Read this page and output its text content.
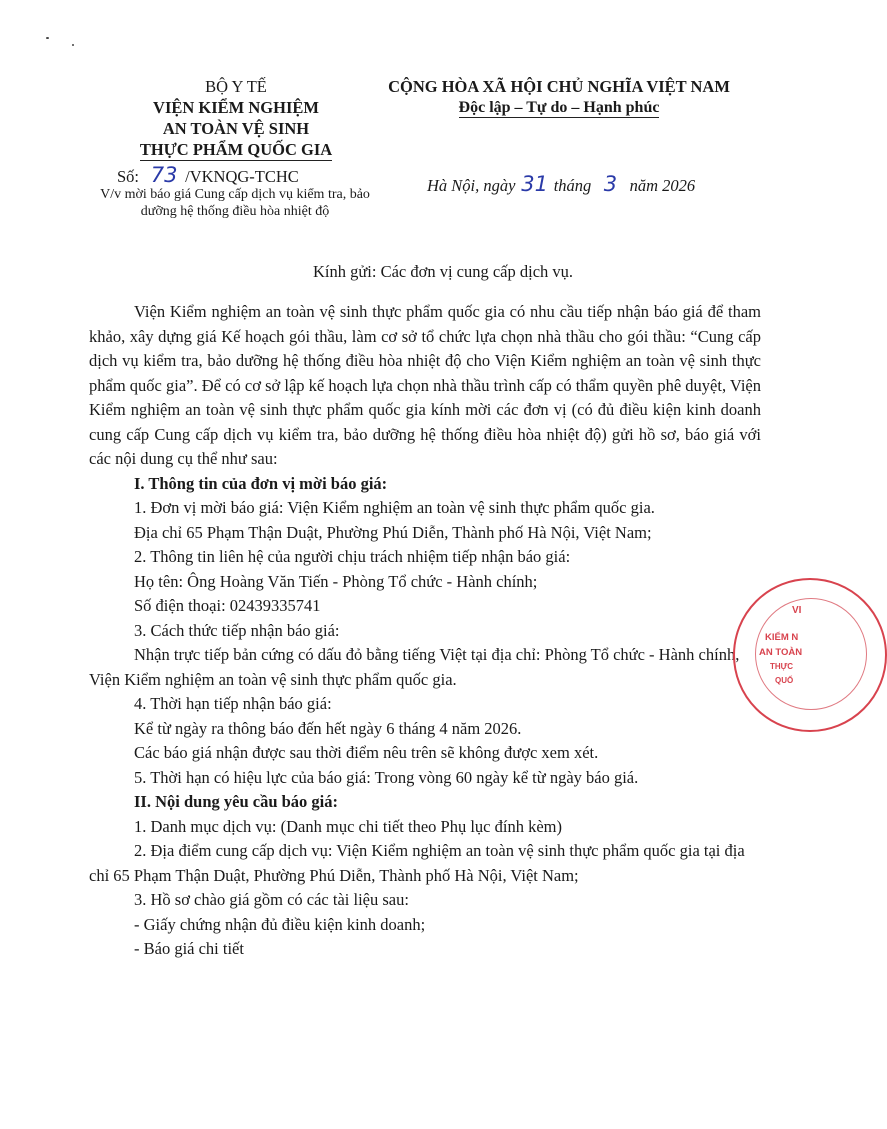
BỘ Y TẾ
VIỆN KIỂM NGHIỆM
AN TOÀN VỆ SINH
THỰC PHẨM QUỐC GIA
CỘNG HÒA XÃ HỘI CHỦ NGHĨA VIỆT NAM
Độc lập – Tự do – Hạnh phúc
Số: 73 /VKNQG-TCHC
V/v mời báo giá Cung cấp dịch vụ kiểm tra, bảo
dưỡng hệ thống điều hòa nhiệt độ
Hà Nội, ngày 31 tháng 3 năm 2026
Kính gửi: Các đơn vị cung cấp dịch vụ.

Viện Kiểm nghiệm an toàn vệ sinh thực phẩm quốc gia có nhu cầu tiếp nhận báo giá để tham khảo, xây dựng giá Kế hoạch gói thầu, làm cơ sở tổ chức lựa chọn nhà thầu cho gói thầu: “Cung cấp dịch vụ kiểm tra, bảo dưỡng hệ thống điều hòa nhiệt độ cho Viện Kiểm nghiệm an toàn vệ sinh thực phẩm quốc gia”. Để có cơ sở lập kế hoạch lựa chọn nhà thầu trình cấp có thẩm quyền phê duyệt, Viện Kiểm nghiệm an toàn vệ sinh thực phẩm quốc gia kính mời các đơn vị (có đủ điều kiện kinh doanh cung cấp Cung cấp dịch vụ kiểm tra, bảo dưỡng hệ thống điều hòa nhiệt độ) gửi hồ sơ, báo giá với các nội dung cụ thể như sau:

I. Thông tin của đơn vị mời báo giá:

1. Đơn vị mời báo giá: Viện Kiểm nghiệm an toàn vệ sinh thực phẩm quốc gia.

Địa chỉ 65 Phạm Thận Duật, Phường Phú Diễn, Thành phố Hà Nội, Việt Nam;

2. Thông tin liên hệ của người chịu trách nhiệm tiếp nhận báo giá:

Họ tên: Ông Hoàng Văn Tiến - Phòng Tổ chức - Hành chính;

Số điện thoại: 02439335741

3. Cách thức tiếp nhận báo giá:

Nhận trực tiếp bản cứng có dấu đỏ bằng tiếng Việt tại địa chỉ: Phòng Tổ chức - Hành chính, Viện Kiểm nghiệm an toàn vệ sinh thực phẩm quốc gia.

4. Thời hạn tiếp nhận báo giá:

Kể từ ngày ra thông báo đến hết ngày 6 tháng 4 năm 2026.

Các báo giá nhận được sau thời điểm nêu trên sẽ không được xem xét.

5. Thời hạn có hiệu lực của báo giá: Trong vòng 60 ngày kể từ ngày báo giá.

II. Nội dung yêu cầu báo giá:

1. Danh mục dịch vụ: (Danh mục chi tiết theo Phụ lục đính kèm)

2. Địa điểm cung cấp dịch vụ: Viện Kiểm nghiệm an toàn vệ sinh thực phẩm quốc gia tại địa chỉ 65 Phạm Thận Duật, Phường Phú Diễn, Thành phố Hà Nội, Việt Nam;

3. Hồ sơ chào giá gồm có các tài liệu sau:

- Giấy chứng nhận đủ điều kiện kinh doanh;

- Báo giá chi tiết

VI
KIỂM N
AN TOÀN
THỰC
QUỐ
